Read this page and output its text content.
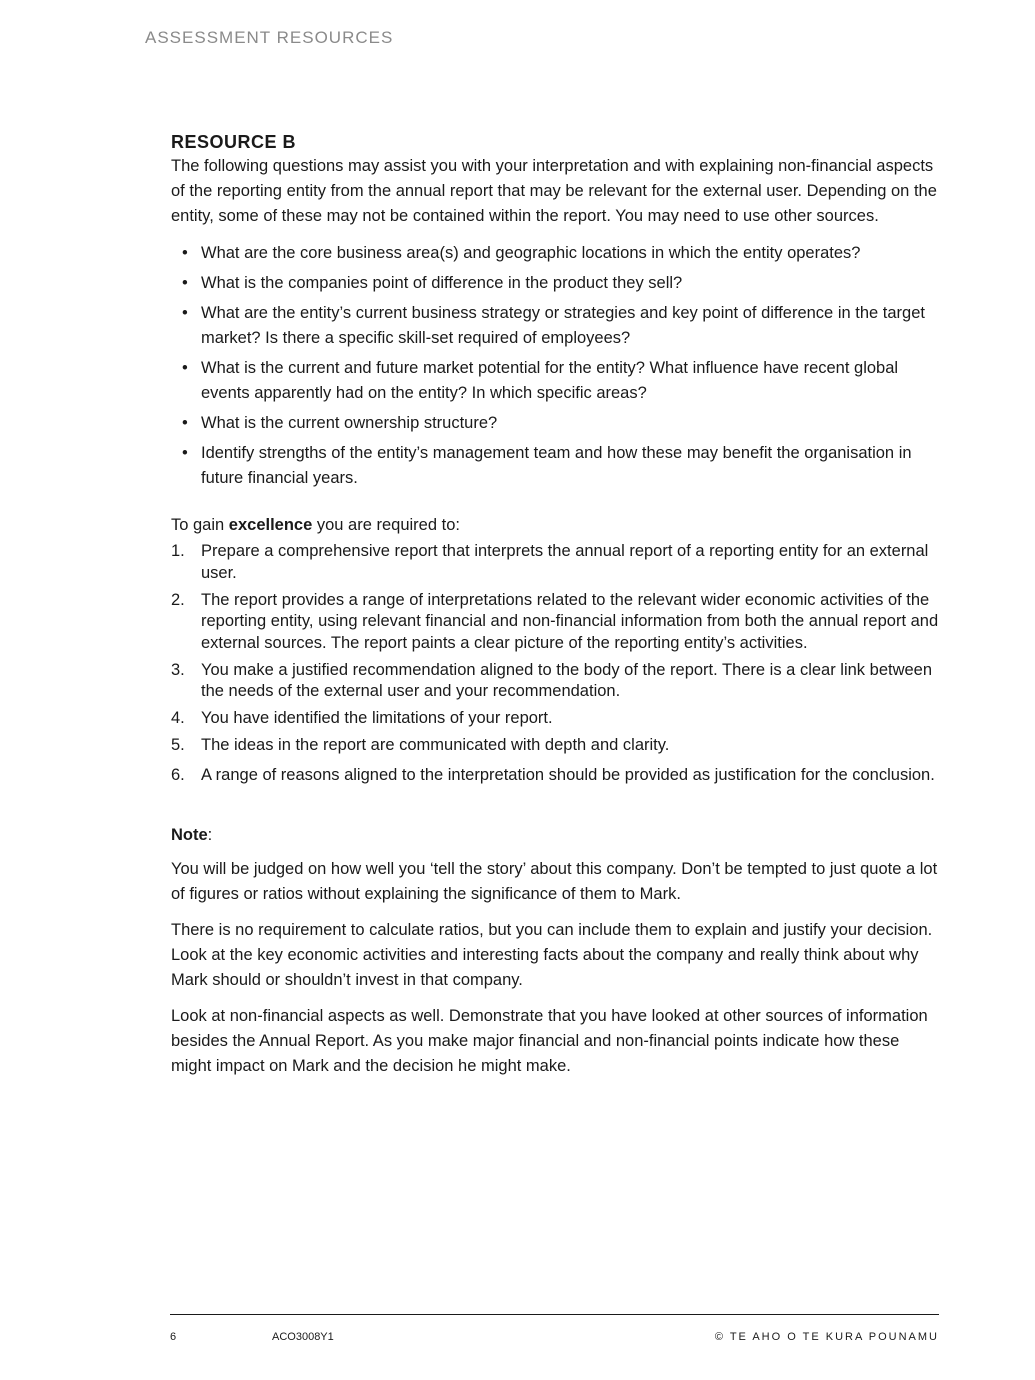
ASSESSMENT RESOURCES
RESOURCE B

The following questions may assist you with your interpretation and with explaining non-financial aspects of the reporting entity from the annual report that may be relevant for the external user. Depending on the entity, some of these may not be contained within the report. You may need to use other sources.

• What are the core business area(s) and geographic locations in which the entity operates?
• What is the companies point of difference in the product they sell?
• What are the entity’s current business strategy or strategies and key point of difference in the target market? Is there a specific skill-set required of employees?
• What is the current and future market potential for the entity? What influence have recent global events apparently had on the entity? In which specific areas?
• What is the current ownership structure?
• Identify strengths of the entity’s management team and how these may benefit the organisation in future financial years.

To gain excellence you are required to:

1. Prepare a comprehensive report that interprets the annual report of a reporting entity for an external user.
2. The report provides a range of interpretations related to the relevant wider economic activities of the reporting entity, using relevant financial and non-financial information from both the annual report and external sources. The report paints a clear picture of the reporting entity’s activities.
3. You make a justified recommendation aligned to the body of the report. There is a clear link between the needs of the external user and your recommendation.
4. You have identified the limitations of your report.
5. The ideas in the report are communicated with depth and clarity.
6. A range of reasons aligned to the interpretation should be provided as justification for the conclusion.

Note:

You will be judged on how well you ‘tell the story’ about this company. Don’t be tempted to just quote a lot of figures or ratios without explaining the significance of them to Mark.

There is no requirement to calculate ratios, but you can include them to explain and justify your decision. Look at the key economic activities and interesting facts about the company and really think about why Mark should or shouldn’t invest in that company.

Look at non-financial aspects as well. Demonstrate that you have looked at other sources of information besides the Annual Report. As you make major financial and non-financial points indicate how these might impact on Mark and the decision he might make.

6	ACO3008Y1	© TE AHO O TE KURA POUNAMU
